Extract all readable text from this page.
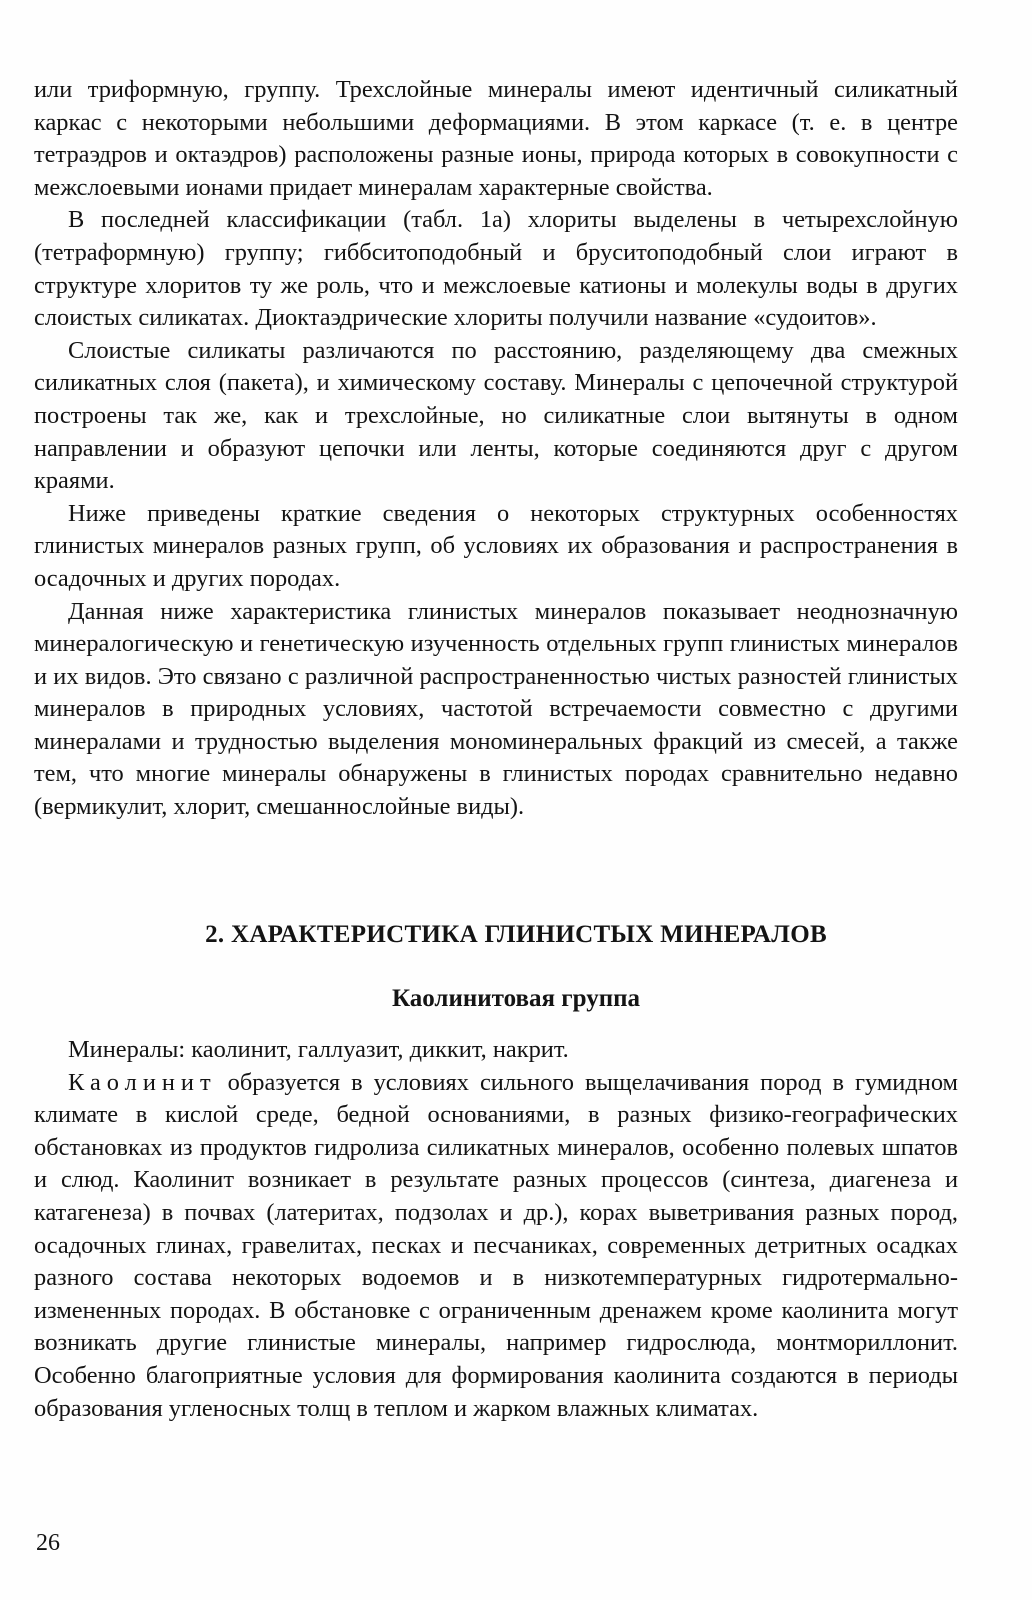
или триформную, группу. Трехслойные минералы имеют идентичный силикатный каркас с некоторыми небольшими деформациями. В этом каркасе (т. е. в центре тетраэдров и октаэдров) расположены разные ионы, природа которых в совокупности с межслоевыми ионами придает минералам характерные свойства.

В последней классификации (табл. 1а) хлориты выделены в четырехслойную (тетраформную) группу; гиббситоподобный и бруситоподобный слои играют в структуре хлоритов ту же роль, что и межслоевые катионы и молекулы воды в других слоистых силикатах. Диоктаэдрические хлориты получили название «судоитов».

Слоистые силикаты различаются по расстоянию, разделяющему два смежных силикатных слоя (пакета), и химическому составу. Минералы с цепочечной структурой построены так же, как и трехслойные, но силикатные слои вытянуты в одном направлении и образуют цепочки или ленты, которые соединяются друг с другом краями.

Ниже приведены краткие сведения о некоторых структурных особенностях глинистых минералов разных групп, об условиях их образования и распространения в осадочных и других породах.

Данная ниже характеристика глинистых минералов показывает неоднозначную минералогическую и генетическую изученность отдельных групп глинистых минералов и их видов. Это связано с различной распространенностью чистых разностей глинистых минералов в природных условиях, частотой встречаемости совместно с другими минералами и трудностью выделения мономинеральных фракций из смесей, а также тем, что многие минералы обнаружены в глинистых породах сравнительно недавно (вермикулит, хлорит, смешаннослойные виды).

2. ХАРАКТЕРИСТИКА ГЛИНИСТЫХ МИНЕРАЛОВ
Каолинитовая группа

Минералы: каолинит, галлуазит, диккит, накрит.

Каолинит образуется в условиях сильного выщелачивания пород в гумидном климате в кислой среде, бедной основаниями, в разных физико-географических обстановках из продуктов гидролиза силикатных минералов, особенно полевых шпатов и слюд. Каолинит возникает в результате разных процессов (синтеза, диагенеза и катагенеза) в почвах (латеритах, подзолах и др.), корах выветривания разных пород, осадочных глинах, гравелитах, песках и песчаниках, современных детритных осадках разного состава некоторых водоемов и в низкотемпературных гидротермально-измененных породах. В обстановке с ограниченным дренажем кроме каолинита могут возникать другие глинистые минералы, например гидрослюда, монтмориллонит. Особенно благоприятные условия для формирования каолинита создаются в периоды образования угленосных толщ в теплом и жарком влажных климатах.

26
